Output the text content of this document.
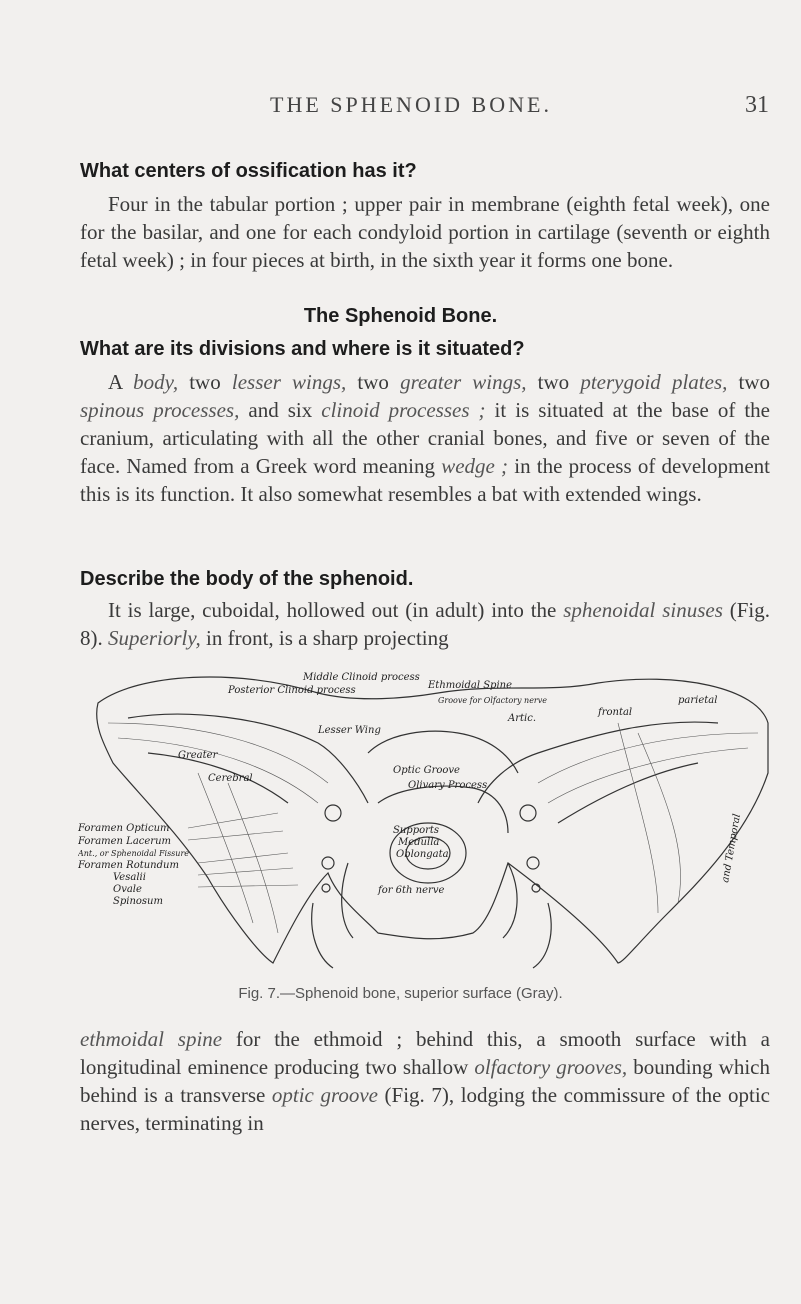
THE SPHENOID BONE.	31
What centers of ossification has it?
Four in the tabular portion ; upper pair in membrane (eighth fetal week), one for the basilar, and one for each condyloid portion in cartilage (seventh or eighth fetal week) ; in four pieces at birth, in the sixth year it forms one bone.
The Sphenoid Bone.
What are its divisions and where is it situated?
A body, two lesser wings, two greater wings, two pterygoid plates, two spinous processes, and six clinoid processes ; it is situated at the base of the cranium, articulating with all the other cranial bones, and five or seven of the face. Named from a Greek word meaning wedge ; in the process of development this is its function. It also somewhat resembles a bat with extended wings.
Describe the body of the sphenoid.
It is large, cuboidal, hollowed out (in adult) into the sphenoidal sinuses (Fig. 8). Superiorly, in front, is a sharp projecting
Middle Clinoid process
Posterior Clinoid process	Ethmoidal Spine
Groove for Olfactory nerve
Greater
Cerebral
Lesser Wing
Optic Groove
Olivary Process
Artic.
frontal
parietal
Foramen Opticum
Foramen Lacerum
Ant., or Sphenoidal Fissure
Foramen Rotundum
Vesalii
Ovale
Spinosum
Supports
Medulla
Oblongata
for 6th nerve
and Temporal
Fig. 7.—Sphenoid bone, superior surface (Gray).
ethmoidal spine for the ethmoid ; behind this, a smooth surface with a longitudinal eminence producing two shallow olfactory grooves, bounding which behind is a transverse optic groove (Fig. 7), lodging the commissure of the optic nerves, terminating in
